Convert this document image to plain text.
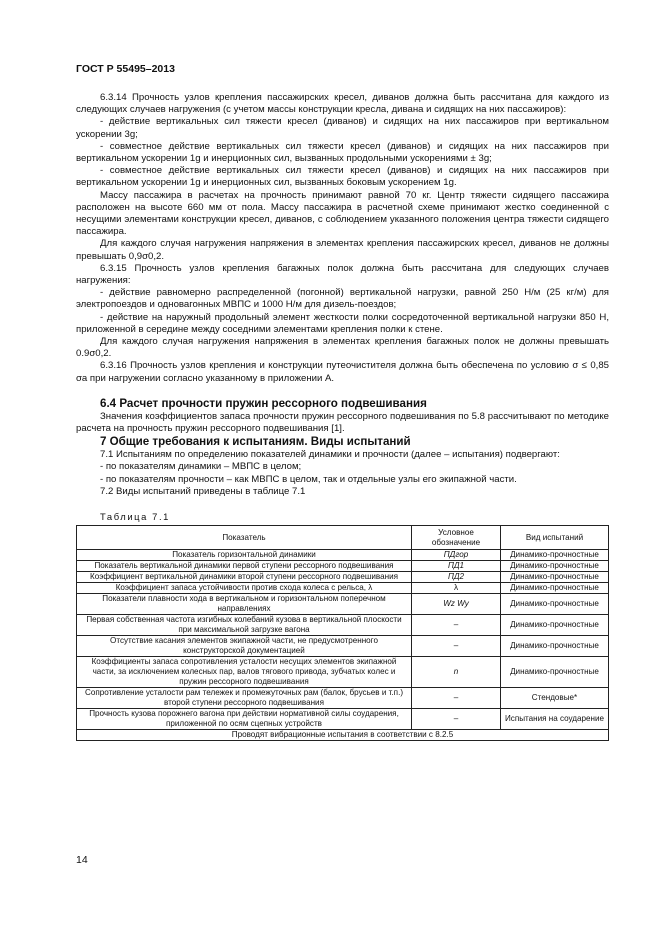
ГОСТ Р 55495–2013

6.3.14 Прочность узлов крепления пассажирских кресел, диванов должна быть рассчитана для каждого из следующих случаев нагружения (с учетом массы конструкции кресла, дивана и сидящих на них пассажиров):

- действие вертикальных сил тяжести кресел (диванов) и сидящих на них пассажиров при вертикальном ускорении 3g;

- совместное действие вертикальных сил тяжести кресел (диванов) и сидящих на них пассажиров при вертикальном ускорении 1g и инерционных сил, вызванных продольными ускорениями ± 3g;

- совместное действие вертикальных сил тяжести кресел (диванов) и сидящих на них пассажиров при вертикальном ускорении 1g и инерционных сил, вызванных боковым ускорением 1g.

Массу пассажира в расчетах на прочность принимают равной 70 кг. Центр тяжести сидящего пассажира расположен на высоте 660 мм от пола. Массу пассажира в расчетной схеме принимают жестко соединенной с несущими элементами конструкции кресел, диванов, с соблюдением указанного положения центра тяжести сидящего пассажира.

Для каждого случая нагружения напряжения в элементах крепления пассажирских кресел, диванов не должны превышать 0,9σ0,2.

6.3.15 Прочность узлов крепления багажных полок должна быть рассчитана для следующих случаев нагружения:

- действие равномерно распределенной (погонной) вертикальной нагрузки, равной 250 Н/м (25 кг/м) для электропоездов и одновагонных МВПС и 1000 Н/м для дизель-поездов;

- действие на наружный продольный элемент жесткости полки сосредоточенной вертикальной нагрузки 850 Н, приложенной в середине между соседними элементами крепления полки к стене.

Для каждого случая нагружения напряжения в элементах крепления багажных полок не должны превышать 0.9σ0,2.

6.3.16 Прочность узлов крепления и конструкции путеочистителя должна быть обеспечена по условию σ ≤ 0,85 σа при нагружении согласно указанному в приложении А.

6.4 Расчет прочности пружин рессорного подвешивания

Значения коэффициентов запаса прочности пружин рессорного подвешивания по 5.8 рассчитывают по методике расчета на прочность пружин рессорного подвешивания [1].

7 Общие требования к испытаниям. Виды испытаний

7.1 Испытаниям по определению показателей динамики и прочности (далее – испытания) подвергают:

- по показателям динамики – МВПС в целом;

- по показателям прочности – как МВПС в целом, так и отдельные узлы его экипажной части.

7.2 Виды испытаний приведены в таблице 7.1

Таблица 7.1
Показатель	Условное обозначение	Вид испытаний
Показатель горизонтальной динамики	ПДгор	Динамико-прочностные
Показатель вертикальной динамики первой ступени рессорного подвешивания	ПД1	Динамико-прочностные
Коэффициент вертикальной динамики второй ступени рессорного подвешивания	ПД2	Динамико-прочностные
Коэффициент запаса устойчивости против схода колеса с рельса, λ	λ	Динамико-прочностные
Показатели плавности хода в вертикальном и горизонтальном поперечном направлениях	Wz Wy	Динамико-прочностные
Первая собственная частота изгибных колебаний кузова в вертикальной плоскости при максимальной загрузке вагона	–	Динамико-прочностные
Отсутствие касания элементов экипажной части, не предусмотренного конструкторской документацией	–	Динамико-прочностные
Коэффициенты запаса сопротивления усталости несущих элементов экипажной части, за исключением колесных пар, валов тягового привода, зубчатых колес и пружин рессорного подвешивания	n	Динамико-прочностные
Сопротивление усталости рам тележек и промежуточных рам (балок, брусьев и т.п.) второй ступени рессорного подвешивания	–	Стендовые*
Прочность кузова порожнего вагона при действии нормативной силы соударения, приложенной по осям сцепных устройств	–	Испытания на соударение
Проводят вибрационные испытания в соответствии с 8.2.5		
14
